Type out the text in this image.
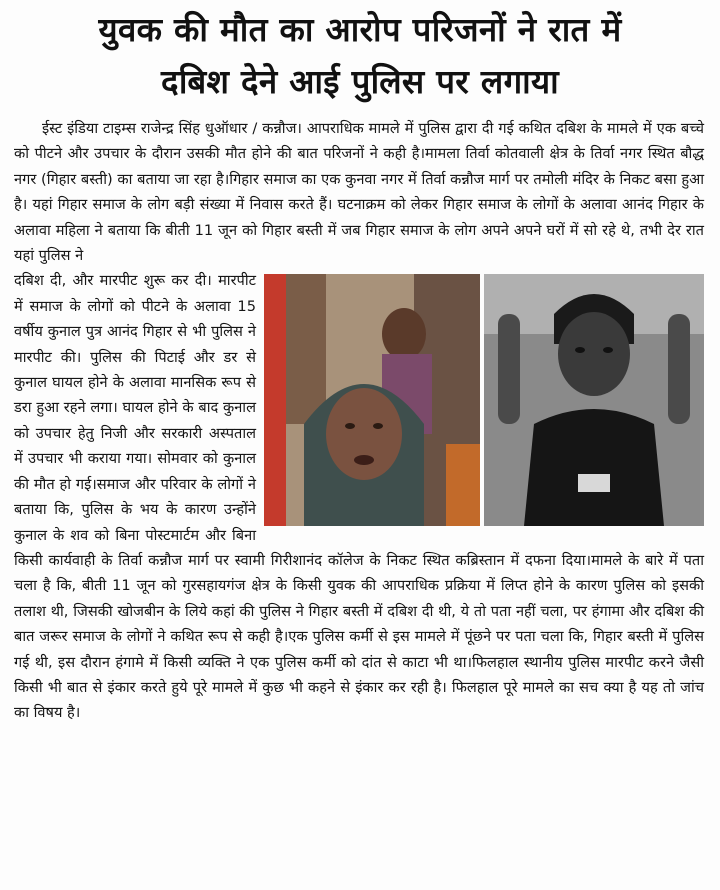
युवक की मौत का आरोप परिजनों ने रात में
दबिश देने आई पुलिस पर लगाया

ईस्ट इंडिया टाइम्स राजेन्द्र सिंह धुऑधार / कन्नौज। आपराधिक मामले में पुलिस द्वारा दी गई कथित दबिश के मामले में एक बच्चे को पीटने और उपचार के दौरान उसकी मौत होने की बात परिजनों ने कही है।मामला तिर्वा कोतवाली क्षेत्र के तिर्वा नगर स्थित बौद्ध नगर (गिहार बस्ती) का बताया जा रहा है।गिहार समाज का एक कुनवा नगर में तिर्वा कन्नौज मार्ग पर तमोली मंदिर के निकट बसा हुआ है। यहां गिहार समाज के लोग बड़ी संख्या में निवास करते हैं। घटनाक्रम को लेकर गिहार समाज के लोगों के अलावा आनंद गिहार के अलावा महिला ने बताया कि बीती 11 जून को गिहार बस्ती में जब गिहार समाज के लोग अपने अपने घरों में सो रहे थे, तभी देर रात यहां पुलिस ने

दबिश दी, और मारपीट शुरू कर दी। मारपीट में समाज के लोगों को पीटने के अलावा 15 वर्षीय कुनाल पुत्र आनंद गिहार से भी पुलिस ने मारपीट की। पुलिस की पिटाई और डर से कुनाल घायल होने के अलावा मानसिक रूप से डरा हुआ रहने लगा। घायल होने के बाद कुनाल को उपचार हेतु निजी और सरकारी अस्पताल में उपचार भी कराया गया। सोमवार को कुनाल की मौत हो गई।समाज और परिवार के लोगों ने बताया कि, पुलिस के भय के कारण उन्होंने कुनाल के शव को बिना पोस्टमार्टम और बिना किसी कार्यवाही के तिर्वा कन्नौज मार्ग पर स्वामी गिरीशानंद कॉलेज के निकट स्थित कब्रिस्तान में दफना दिया।मामले के बारे में पता चला है कि, बीती 11 जून को गुरसहायगंज क्षेत्र के किसी युवक की आपराधिक प्रक्रिया में लिप्त होने के कारण पुलिस को इसकी तलाश थी, जिसकी खोजबीन के लिये कहां की पुलिस ने गिहार बस्ती में दबिश दी थी, ये तो पता नहीं चला, पर हंगामा और दबिश की बात जरूर समाज के लोगों ने कथित रूप से कही है।एक पुलिस कर्मी से इस मामले में पूंछने पर पता चला कि, गिहार बस्ती में पुलिस गई थी, इस दौरान हंगामे में किसी व्यक्ति ने एक पुलिस कर्मी को दांत से काटा भी था।फिलहाल स्थानीय पुलिस मारपीट करने जैसी किसी भी बात से इंकार करते हुये पूरे मामले में कुछ भी कहने से इंकार कर रही है। फिलहाल पूरे मामले का सच क्या है यह तो जांच का विषय है।
